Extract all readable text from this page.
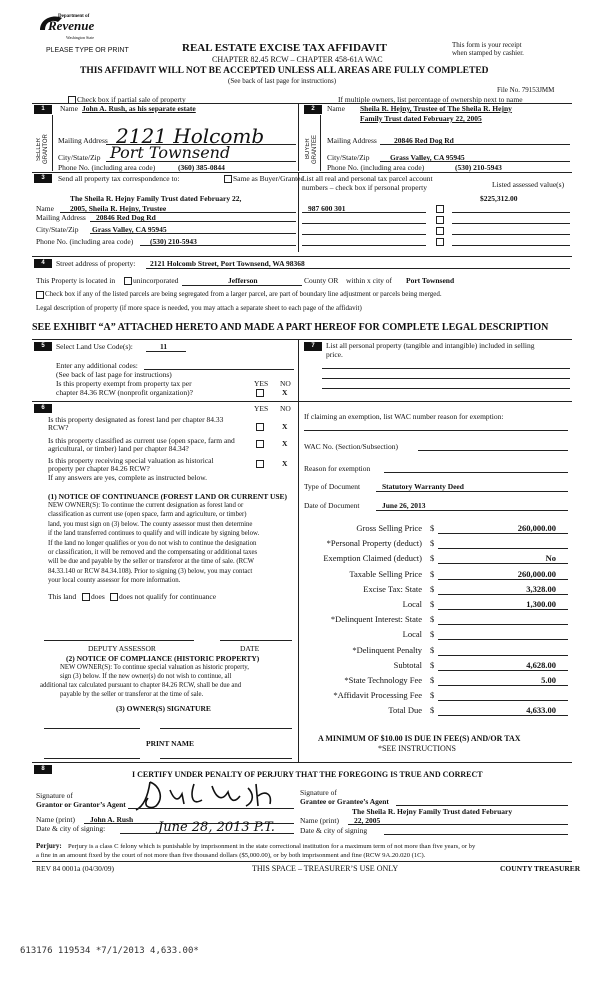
Department of
Revenue
Washington State
PLEASE TYPE OR PRINT	REAL ESTATE EXCISE TAX AFFIDAVIT
CHAPTER 82.45 RCW – CHAPTER 458-61A WAC
This form is your receipt
when stamped by cashier.
THIS AFFIDAVIT WILL NOT BE ACCEPTED UNLESS ALL AREAS ARE FULLY COMPLETED
(See back of last page for instructions)
File No. 79153JMM
Check box if partial sale of property	If multiple owners, list percentage of ownership next to name
1
SELLER GRANTOR
Name John A. Rush, as his separate estate
Mailing Address 2121 Holcomb
City/State/Zip Port Townsend
Phone No. (including area code)	(360) 385-0844
2
BUYER GRANTEE
Name Sheila R. Hejny, Trustee of The Sheila R. Hejny
Family Trust dated February 22, 2005
Mailing Address 20846 Red Dog Rd
City/State/Zip	Grass Valley, CA 95945
Phone No. (including area code)	(530) 210-5943
3	Send all property tax correspondence to:	Same as Buyer/Grantee
The Sheila R. Hejny Family Trust dated February 22,
Name 2005, Sheila R. Hejny, Trustee
Mailing Address 20846 Red Dog Rd
City/State/Zip Grass Valley, CA 95945
Phone No. (including area code) (530) 210-5943
List all real and personal tax parcel account
numbers – check box if personal property	Listed assessed value(s)
$225,312.00
987 600 301
4	Street address of property: 2121 Holcomb Street, Port Townsend, WA 98368
This Property is located in unincorporated	Jefferson	County OR within x city of Port Townsend
Check box if any of the listed parcels are being segregated from a larger parcel, are part of boundary line adjustment or parcels being merged.
Legal description of property (if more space is needed, you may attach a separate sheet to each page of the affidavit)
SEE EXHIBIT “A” ATTACHED HERETO AND MADE A PART HEREOF FOR COMPLETE LEGAL DESCRIPTION
5	Select Land Use Code(s):	11
Enter any additional codes:
(See back of last page for instructions)
Is this property exempt from property tax per	YES NO
chapter 84.36 RCW (nonprofit organization)?	X
7	List all personal property (tangible and intangible) included in selling
price.
6	YES NO
Is this property designated as forest land per chapter 84.33
RCW?	X
Is this property classified as current use (open space, farm and
agricultural, or timber) land per chapter 84.34?
X
Is this property receiving special valuation as historical
property per chapter 84.26 RCW?
X
If any answers are yes, complete as instructed below.
(1) NOTICE OF CONTINUANCE (FOREST LAND OR CURRENT USE)
NEW OWNER(S): To continue the current designation as forest land or
classification as current use (open space, farm and agriculture, or timber)
land, you must sign on (3) below. The county assessor must then determine
if the land transferred continues to qualify and will indicate by signing below.
If the land no longer qualifies or you do not wish to continue the designation
or classification, it will be removed and the compensating or additional taxes
will be due and payable by the seller or transferor at the time of sale. (RCW
84.33.140 or RCW 84.34.108). Prior to signing (3) below, you may contact
your local county assessor for more information.
This land does does not qualify for continuance
DEPUTY ASSESSOR	DATE
(2) NOTICE OF COMPLIANCE (HISTORIC PROPERTY)
NEW OWNER(S): To continue special valuation as historic property,
sign (3) below. If the new owner(s) do not wish to continue, all
additional tax calculated pursuant to chapter 84.26 RCW, shall be due and
payable by the seller or transferor at the time of sale.
(3) OWNER(S) SIGNATURE
PRINT NAME
If claiming an exemption, list WAC number reason for exemption:
WAC No. (Section/Subsection)
Reason for exemption
Type of Document	Statutory Warranty Deed
Date of Document	June 26, 2013
Gross Selling Price $	260,000.00
*Personal Property (deduct) $
Exemption Claimed (deduct) $	No
Taxable Selling Price $	260,000.00
Excise Tax: State $	3,328.00
Local $	1,300.00
*Delinquent Interest: State $
Local $
*Delinquent Penalty $
Subtotal $	4,628.00
*State Technology Fee $	5.00
*Affidavit Processing Fee $
Total Due $	4,633.00
A MINIMUM OF $10.00 IS DUE IN FEE(S) AND/OR TAX
*SEE INSTRUCTIONS
8
I CERTIFY UNDER PENALTY OF PERJURY THAT THE FOREGOING IS TRUE AND CORRECT
Signature of
Grantor or Grantor’s Agent
Name (print) John A. Rush
Date & city of signing:	June 28, 2013 P.T.
Signature of
Grantee or Grantee’s Agent
The Sheila R. Hejny Family Trust dated February
Name (print) 22, 2005
Date & city of signing
Perjury: Perjury is a class C felony which is punishable by imprisonment in the state correctional institution for a maximum term of not more than five years, or by
a fine in an amount fixed by the court of not more than five thousand dollars ($5,000.00), or by both imprisonment and fine (RCW 9A.20.020 (1C).
REV 84 0001a (04/30/09)	THIS SPACE – TREASURER’S USE ONLY	COUNTY TREASURER
613176 119534 *7/1/2013 4,633.00*
